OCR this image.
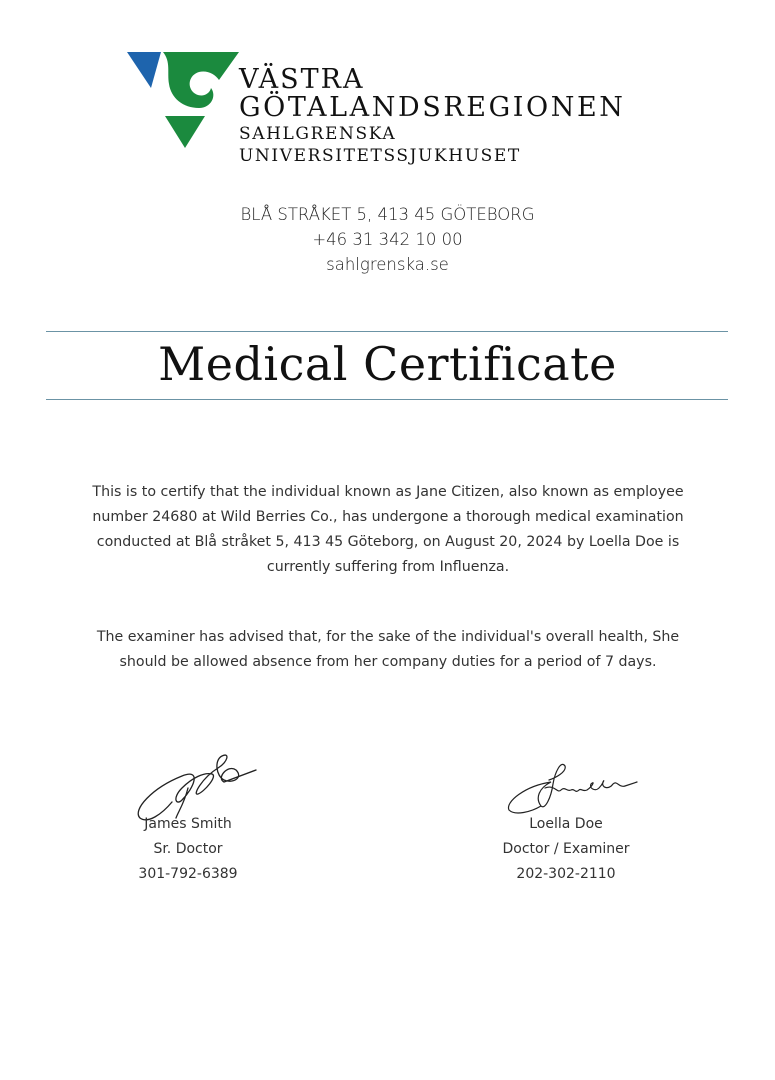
VÄSTRA
GÖTALANDSREGIONEN
SAHLGRENSKA UNIVERSITETSSJUKHUSET
BLÅ STRÅKET 5, 413 45 GÖTEBORG
+46 31 342 10 00
sahlgrenska.se
Medical Certificate
This is to certify that the individual known as Jane Citizen, also known as employee number 24680 at Wild Berries Co., has undergone a thorough medical examination conducted at Blå stråket 5, 413 45 Göteborg, on August 20, 2024 by Loella Doe is currently suffering from Influenza.
The examiner has advised that, for the sake of the individual's overall health, She should be allowed absence from her company duties for a period of 7 days.
James Smith
Sr. Doctor
301-792-6389
Loella Doe
Doctor / Examiner
202-302-2110
